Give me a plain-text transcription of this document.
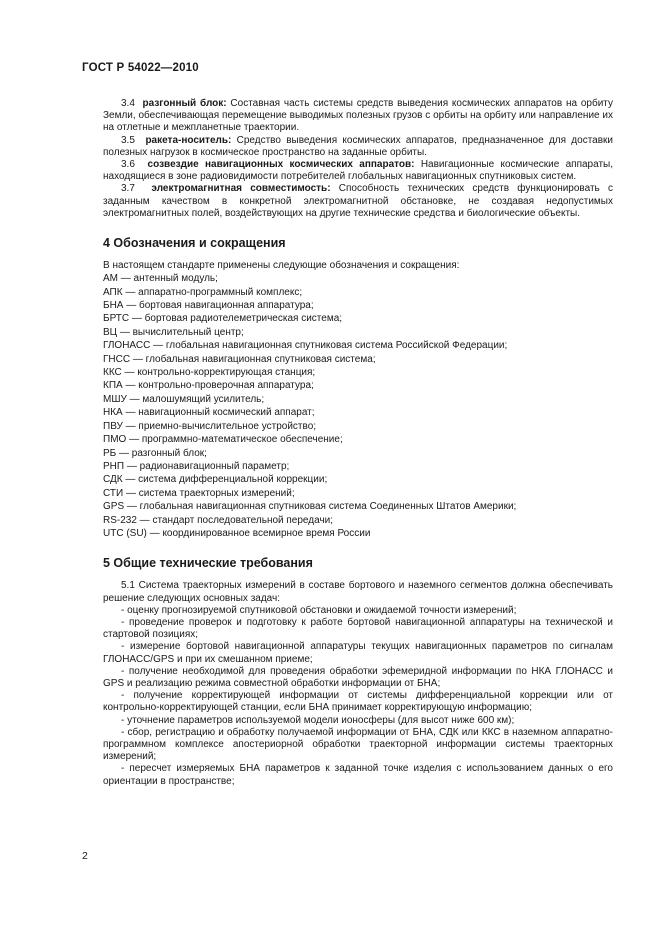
ГОСТ Р 54022—2010

3.4 разгонный блок: Составная часть системы средств выведения космических аппаратов на орбиту Земли, обеспечивающая перемещение выводимых полезных грузов с орбиты на орбиту или направление их на отлетные и межпланетные траектории.

3.5 ракета-носитель: Средство выведения космических аппаратов, предназначенное для доставки полезных нагрузок в космическое пространство на заданные орбиты.

3.6 созвездие навигационных космических аппаратов: Навигационные космические аппараты, находящиеся в зоне радиовидимости потребителей глобальных навигационных спутниковых систем.

3.7 электромагнитная совместимость: Способность технических средств функционировать с заданным качеством в конкретной электромагнитной обстановке, не создавая недопустимых электромагнитных полей, воздействующих на другие технические средства и биологические объекты.

4 Обозначения и сокращения

В настоящем стандарте применены следующие обозначения и сокращения:

АМ — антенный модуль;
АПК — аппаратно-программный комплекс;
БНА — бортовая навигационная аппаратура;
БРТС — бортовая радиотелеметрическая система;
ВЦ — вычислительный центр;
ГЛОНАСС — глобальная навигационная спутниковая система Российской Федерации;
ГНСС — глобальная навигационная спутниковая система;
ККС — контрольно-корректирующая станция;
КПА — контрольно-проверочная аппаратура;
МШУ — малошумящий усилитель;
НКА — навигационный космический аппарат;
ПВУ — приемно-вычислительное устройство;
ПМО — программно-математическое обеспечение;
РБ — разгонный блок;
РНП — радионавигационный параметр;
СДК — система дифференциальной коррекции;
СТИ — система траекторных измерений;
GPS — глобальная навигационная спутниковая система Соединенных Штатов Америки;
RS-232 — стандарт последовательной передачи;
UTC (SU) — координированное всемирное время России
5 Общие технические требования

5.1 Система траекторных измерений в составе бортового и наземного сегментов должна обеспечивать решение следующих основных задач:

- оценку прогнозируемой спутниковой обстановки и ожидаемой точности измерений;
- проведение проверок и подготовку к работе бортовой навигационной аппаратуры на технической и стартовой позициях;
- измерение бортовой навигационной аппаратуры текущих навигационных параметров по сигналам ГЛОНАСС/GPS и при их смешанном приеме;
- получение необходимой для проведения обработки эфемеридной информации по НКА ГЛОНАСС и GPS и реализацию режима совместной обработки информации от БНА;
- получение корректирующей информации от системы дифференциальной коррекции или от контрольно-корректирующей станции, если БНА принимает корректирующую информацию;
- уточнение параметров используемой модели ионосферы (для высот ниже 600 км);
- сбор, регистрацию и обработку получаемой информации от БНА, СДК или ККС в наземном аппаратно-программном комплексе апостериорной обработки траекторной информации системы траекторных измерений;
- пересчет измеряемых БНА параметров к заданной точке изделия с использованием данных о его ориентации в пространстве;
2
